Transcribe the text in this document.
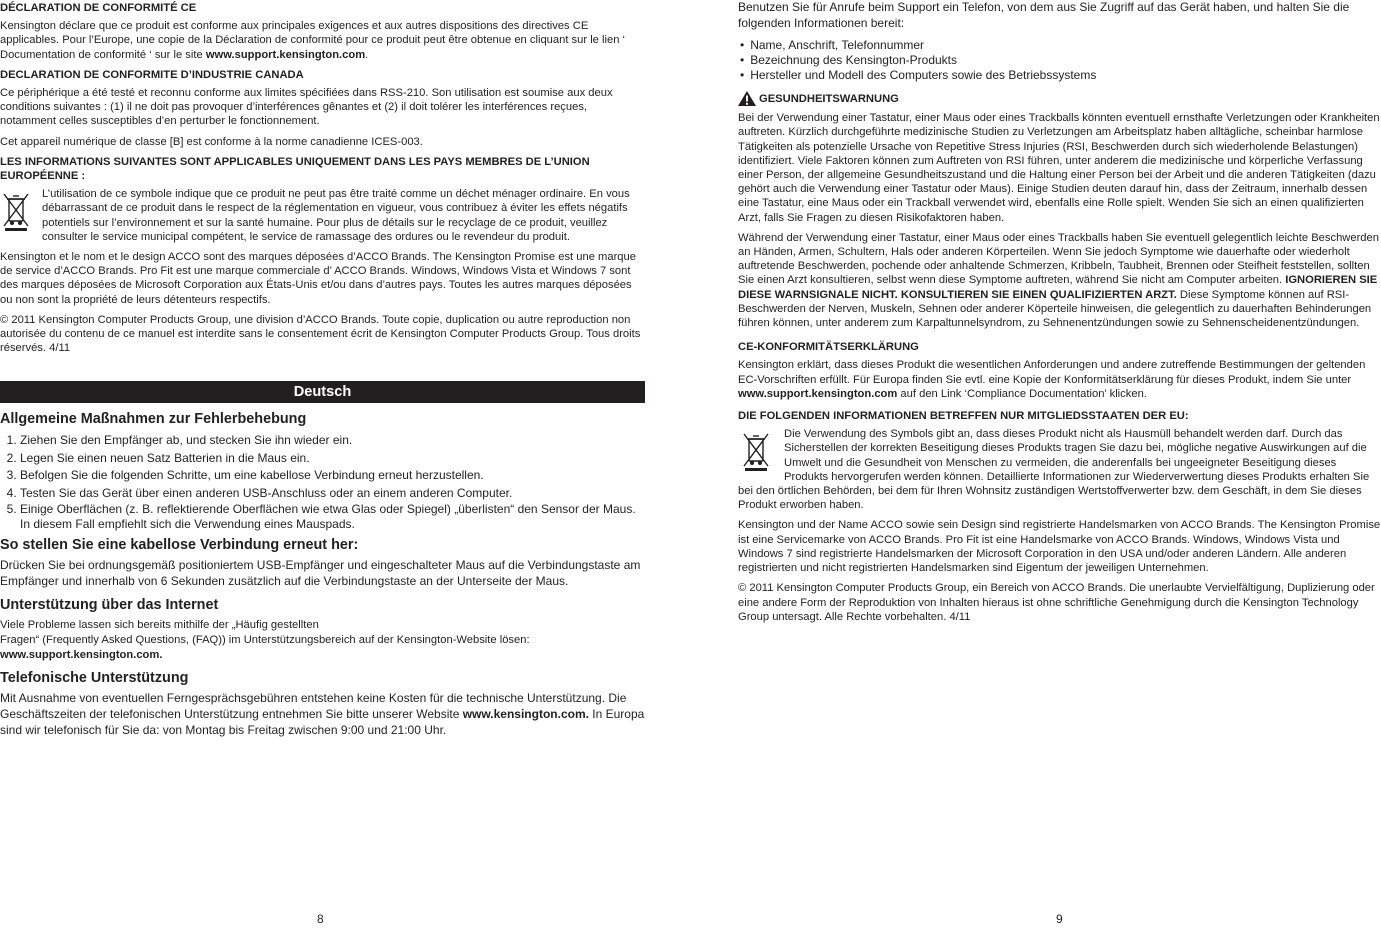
DÉCLARATION DE CONFORMITÉ CE

Kensington déclare que ce produit est conforme aux principales exigences et aux autres dispositions des directives CE applicables. Pour l’Europe, une copie de la Déclaration de conformité pour ce produit peut être obtenue en cliquant sur le lien ‘ Documentation de conformité ‘ sur le site www.support.kensington.com.

DECLARATION DE CONFORMITE D’INDUSTRIE CANADA

Ce périphérique a été testé et reconnu conforme aux limites spécifiées dans RSS-210. Son utilisation est soumise aux deux conditions suivantes : (1) il ne doit pas provoquer d’interférences gênantes et (2) il doit tolérer les interférences reçues, notamment celles susceptibles d’en perturber le fonctionnement.

Cet appareil numérique de classe [B] est conforme à la norme canadienne ICES-003.

LES INFORMATIONS SUIVANTES SONT APPLICABLES UNIQUEMENT DANS LES PAYS MEMBRES DE L’UNION EUROPÉENNE :

L’utilisation de ce symbole indique que ce produit ne peut pas être traité comme un déchet ménager ordinaire. En vous débarrassant de ce produit dans le respect de la réglementation en vigueur, vous contribuez à éviter les effets négatifs potentiels sur l’environnement et sur la santé humaine. Pour plus de détails sur le recyclage de ce produit, veuillez consulter le service municipal compétent, le service de ramassage des ordures ou le revendeur du produit.

Kensington et le nom et le design ACCO sont des marques déposées d’ACCO Brands. The Kensington Promise est une marque de service d’ACCO Brands. Pro Fit est une marque commerciale d’ ACCO Brands. Windows, Windows Vista et Windows 7 sont des marques déposées de Microsoft Corporation aux États-Unis et/ou dans d’autres pays. Toutes les autres marques déposées ou non sont la propriété de leurs détenteurs respectifs.

© 2011 Kensington Computer Products Group, une division d’ACCO Brands. Toute copie, duplication ou autre reproduction non autorisée du contenu de ce manuel est interdite sans le consentement écrit de Kensington Computer Products Group. Tous droits réservés. 4/11

Deutsch
Allgemeine Maßnahmen zur Fehlerbehebung
1. Ziehen Sie den Empfänger ab, und stecken Sie ihn wieder ein.
2. Legen Sie einen neuen Satz Batterien in die Maus ein.
3. Befolgen Sie die folgenden Schritte, um eine kabellose Verbindung erneut herzustellen.
4. Testen Sie das Gerät über einen anderen USB-Anschluss oder an einem anderen Computer.
5. Einige Oberflächen (z. B. reflektierende Oberflächen wie etwa Glas oder Spiegel) „überlisten“ den Sensor der Maus. In diesem Fall empfiehlt sich die Verwendung eines Mauspads.
So stellen Sie eine kabellose Verbindung erneut her:

Drücken Sie bei ordnungsgemäß positioniertem USB-Empfänger und eingeschalteter Maus auf die Verbindungstaste am Empfänger und innerhalb von 6 Sekunden zusätzlich auf die Verbindungstaste an der Unterseite der Maus.

Unterstützung über das Internet

Viele Probleme lassen sich bereits mithilfe der „Häufig gestellten
Fragen“ (Frequently Asked Questions, (FAQ)) im Unterstützungsbereich auf der Kensington-Website lösen:
www.support.kensington.com.

Telefonische Unterstützung

Mit Ausnahme von eventuellen Ferngesprächsgebühren entstehen keine Kosten für die technische Unterstützung. Die Geschäftszeiten der telefonischen Unterstützung entnehmen Sie bitte unserer Website www.kensington.com. In Europa sind wir telefonisch für Sie da: von Montag bis Freitag zwischen 9:00 und 21:00 Uhr.

8

Benutzen Sie für Anrufe beim Support ein Telefon, von dem aus Sie Zugriff auf das Gerät haben, und halten Sie die folgenden Informationen bereit:

• Name, Anschrift, Telefonnummer
• Bezeichnung des Kensington-Produkts
• Hersteller und Modell des Computers sowie des Betriebssystems
GESUNDHEITSWARNUNG

Bei der Verwendung einer Tastatur, einer Maus oder eines Trackballs könnten eventuell ernsthafte Verletzungen oder Krankheiten auftreten. Kürzlich durchgeführte medizinische Studien zu Verletzungen am Arbeitsplatz haben alltägliche, scheinbar harmlose Tätigkeiten als potenzielle Ursache von Repetitive Stress Injuries (RSI, Beschwerden durch sich wiederholende Belastungen) identifiziert. Viele Faktoren können zum Auftreten von RSI führen, unter anderem die medizinische und körperliche Verfassung einer Person, der allgemeine Gesundheitszustand und die Haltung einer Person bei der Arbeit und die anderen Tätigkeiten (dazu gehört auch die Verwendung einer Tastatur oder Maus). Einige Studien deuten darauf hin, dass der Zeitraum, innerhalb dessen eine Tastatur, eine Maus oder ein Trackball verwendet wird, ebenfalls eine Rolle spielt. Wenden Sie sich an einen qualifizierten Arzt, falls Sie Fragen zu diesen Risikofaktoren haben.

Während der Verwendung einer Tastatur, einer Maus oder eines Trackballs haben Sie eventuell gelegentlich leichte Beschwerden an Händen, Armen, Schultern, Hals oder anderen Körperteilen. Wenn Sie jedoch Symptome wie dauerhafte oder wiederholt auftretende Beschwerden, pochende oder anhaltende Schmerzen, Kribbeln, Taubheit, Brennen oder Steifheit feststellen, sollten Sie einen Arzt konsultieren, selbst wenn diese Symptome auftreten, während Sie nicht am Computer arbeiten. IGNORIEREN SIE DIESE WARNSIGNALE NICHT. KONSULTIEREN SIE EINEN QUALIFIZIERTEN ARZT. Diese Symptome können auf RSI-Beschwerden der Nerven, Muskeln, Sehnen oder anderer Köperteile hinweisen, die gelegentlich zu dauerhaften Behinderungen führen können, unter anderem zum Karpaltunnelsyndrom, zu Sehnenentzündungen sowie zu Sehnenscheidenentzündungen.

CE-KONFORMITÄTSERKLÄRUNG

Kensington erklärt, dass dieses Produkt die wesentlichen Anforderungen und andere zutreffende Bestimmungen der geltenden EC-Vorschriften erfüllt. Für Europa finden Sie evtl. eine Kopie der Konformitätserklärung für dieses Produkt, indem Sie unter www.support.kensington.com auf den Link ‘Compliance Documentation’ klicken.

DIE FOLGENDEN INFORMATIONEN BETREFFEN NUR MITGLIEDSSTAATEN DER EU:

Die Verwendung des Symbols gibt an, dass dieses Produkt nicht als Hausmüll behandelt werden darf. Durch das Sicherstellen der korrekten Beseitigung dieses Produkts tragen Sie dazu bei, mögliche negative Auswirkungen auf die Umwelt und die Gesundheit von Menschen zu vermeiden, die anderenfalls bei ungeeigneter Beseitigung dieses Produkts hervorgerufen werden können. Detaillierte Informationen zur Wiederverwertung dieses Produkts erhalten Sie bei den örtlichen Behörden, bei dem für Ihren Wohnsitz zuständigen Wertstoffverwerter bzw. dem Geschäft, in dem Sie dieses Produkt erworben haben.

Kensington und der Name ACCO sowie sein Design sind registrierte Handelsmarken von ACCO Brands. The Kensington Promise ist eine Servicemarke von ACCO Brands. Pro Fit ist eine Handelsmarke von ACCO Brands. Windows, Windows Vista und Windows 7 sind registrierte Handelsmarken der Microsoft Corporation in den USA und/oder anderen Ländern. Alle anderen registrierten und nicht registrierten Handelsmarken sind Eigentum der jeweiligen Unternehmen.

© 2011 Kensington Computer Products Group, ein Bereich von ACCO Brands. Die unerlaubte Vervielfältigung, Duplizierung oder eine andere Form der Reproduktion von Inhalten hieraus ist ohne schriftliche Genehmigung durch die Kensington Technology Group untersagt. Alle Rechte vorbehalten. 4/11

9
